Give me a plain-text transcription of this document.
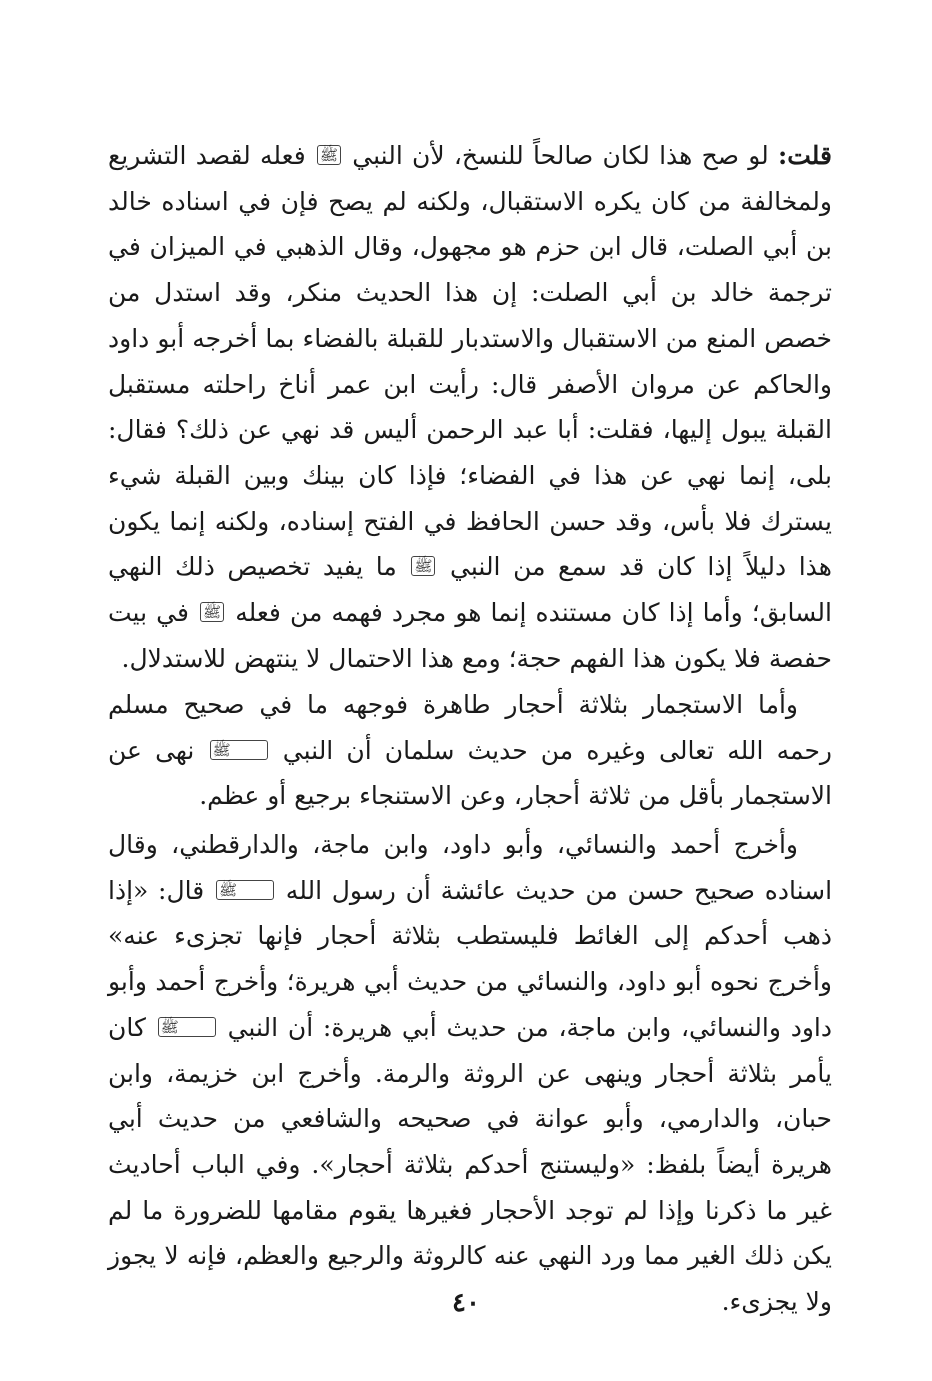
قلت: لو صح هذا لكان صالحاً للنسخ، لأن النبي ﷺ فعله لقصد التشريع ولمخالفة من كان يكره الاستقبال، ولكنه لم يصح فإن في اسناده خالد بن أبي الصلت، قال ابن حزم هو مجهول، وقال الذهبي في الميزان في ترجمة خالد بن أبي الصلت: إن هذا الحديث منكر، وقد استدل من خصص المنع من الاستقبال والاستدبار للقبلة بالفضاء بما أخرجه أبو داود والحاكم عن مروان الأصفر قال: رأيت ابن عمر أناخ راحلته مستقبل القبلة يبول إليها، فقلت: أبا عبد الرحمن أليس قد نهي عن ذلك؟ فقال: بلى، إنما نهي عن هذا في الفضاء؛ فإذا كان بينك وبين القبلة شيء يسترك فلا بأس، وقد حسن الحافظ في الفتح إسناده، ولكنه إنما يكون هذا دليلاً إذا كان قد سمع من النبي ﷺ ما يفيد تخصيص ذلك النهي السابق؛ وأما إذا كان مستنده إنما هو مجرد فهمه من فعله ﷺ في بيت حفصة فلا يكون هذا الفهم حجة؛ ومع هذا الاحتمال لا ينتهض للاستدلال.

وأما الاستجمار بثلاثة أحجار طاهرة فوجهه ما في صحيح مسلم رحمه الله تعالى وغيره من حديث سلمان أن النبي ﷺ نهى عن الاستجمار بأقل من ثلاثة أحجار، وعن الاستنجاء برجيع أو عظم.

وأخرج أحمد والنسائي، وأبو داود، وابن ماجة، والدارقطني، وقال اسناده صحيح حسن من حديث عائشة أن رسول الله ﷺ قال: «إذا ذهب أحدكم إلى الغائط فليستطب بثلاثة أحجار فإنها تجزىء عنه» وأخرج نحوه أبو داود، والنسائي من حديث أبي هريرة؛ وأخرج أحمد وأبو داود والنسائي، وابن ماجة، من حديث أبي هريرة: أن النبي ﷺ كان يأمر بثلاثة أحجار وينهى عن الروثة والرمة. وأخرج ابن خزيمة، وابن حبان، والدارمي، وأبو عوانة في صحيحه والشافعي من حديث أبي هريرة أيضاً بلفظ: «وليستنج أحدكم بثلاثة أحجار». وفي الباب أحاديث غير ما ذكرنا وإذا لم توجد الأحجار فغيرها يقوم مقامها للضرورة ما لم يكن ذلك الغير مما ورد النهي عنه كالروثة والرجيع والعظم، فإنه لا يجوز ولا يجزىء.

٤٠
